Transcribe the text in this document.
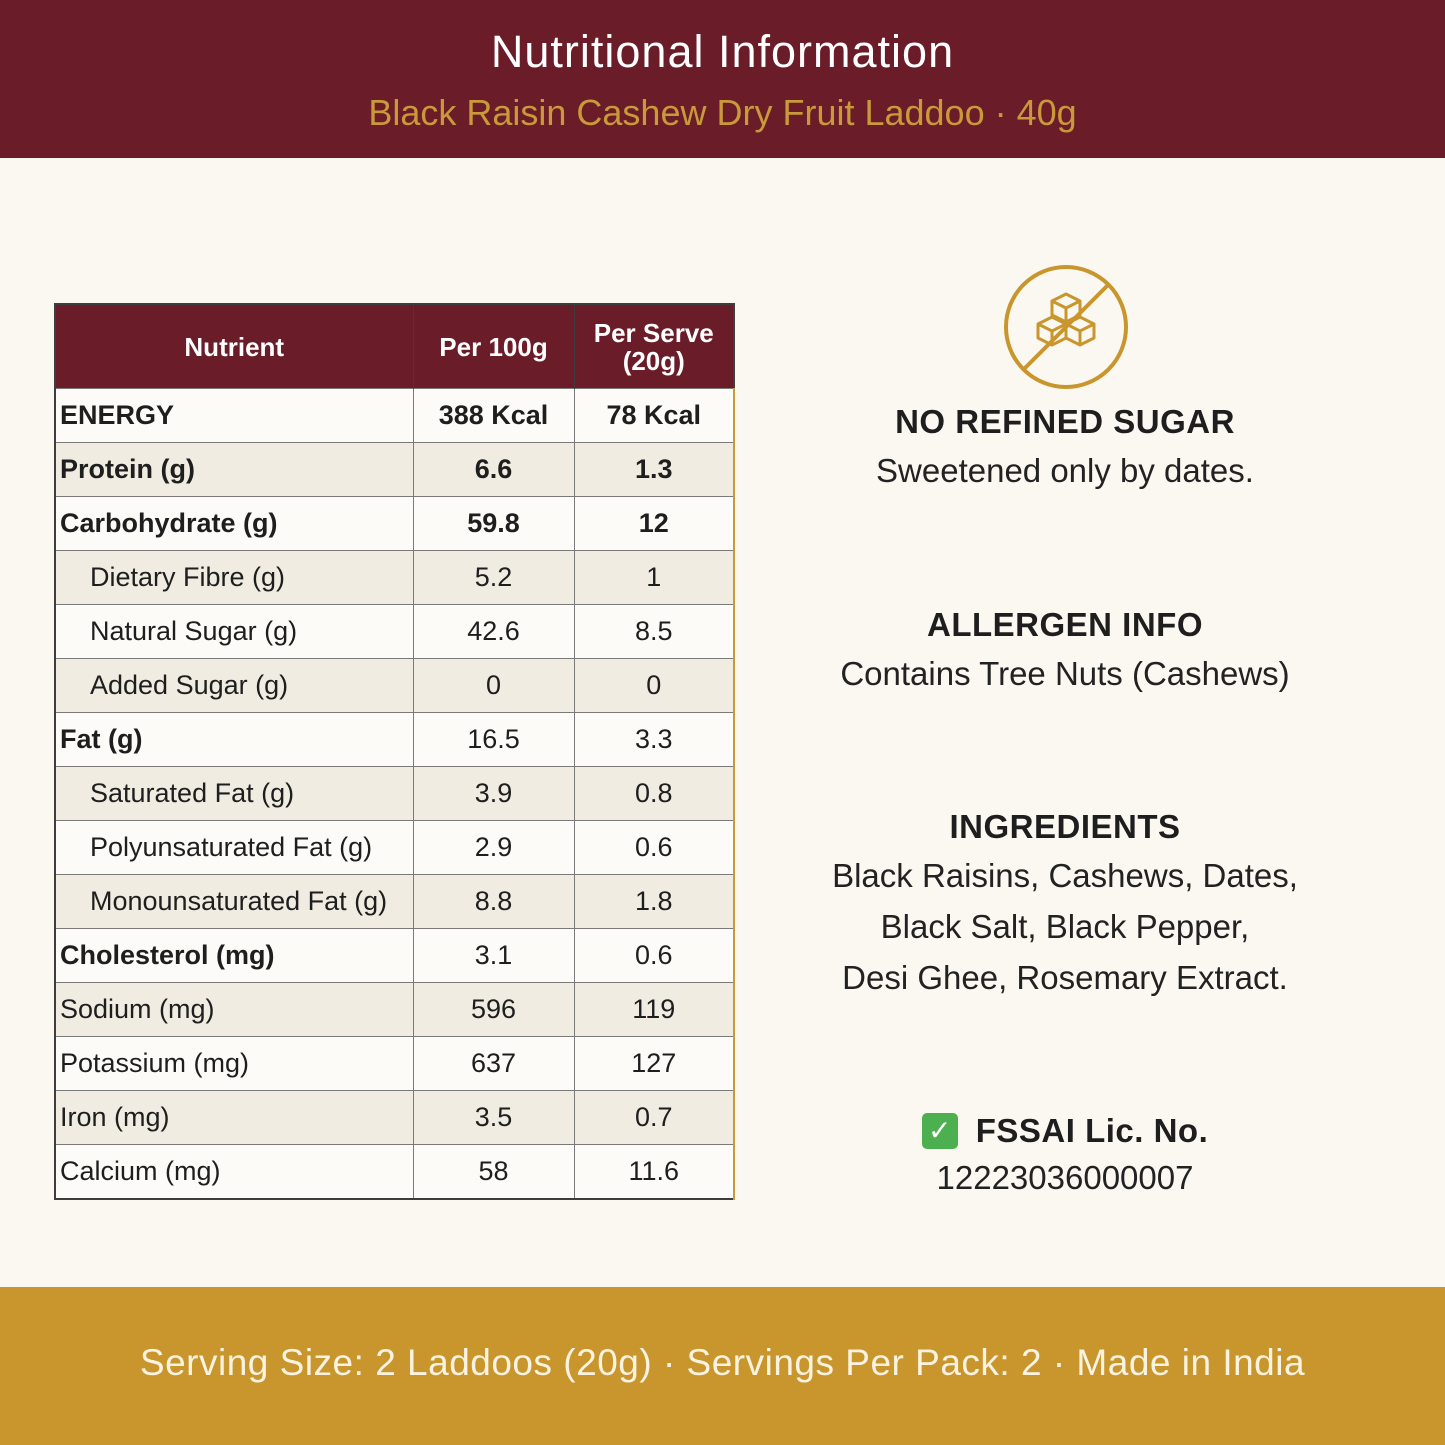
Nutritional Information
Black Raisin Cashew Dry Fruit Laddoo · 40g
Nutrient	Per 100g	Per Serve
(20g)
ENERGY	388 Kcal	78 Kcal
Protein (g)	6.6	1.3
Carbohydrate (g)	59.8	12
Dietary Fibre (g)	5.2	1
Natural Sugar (g)	42.6	8.5
Added Sugar (g)	0	0
Fat (g)	16.5	3.3
Saturated Fat (g)	3.9	0.8
Polyunsaturated Fat (g)	2.9	0.6
Monounsaturated Fat (g)	8.8	1.8
Cholesterol (mg)	3.1	0.6
Sodium (mg)	596	119
Potassium (mg)	637	127
Iron (mg)	3.5	0.7
Calcium (mg)	58	11.6
NO REFINED SUGAR
Sweetened only by dates.
ALLERGEN INFO
Contains Tree Nuts (Cashews)
INGREDIENTS
Black Raisins, Cashews, Dates,
Black Salt, Black Pepper,
Desi Ghee, Rosemary Extract.
✓ FSSAI Lic. No.
12223036000007
Serving Size: 2 Laddoos (20g) · Servings Per Pack: 2 · Made in India
